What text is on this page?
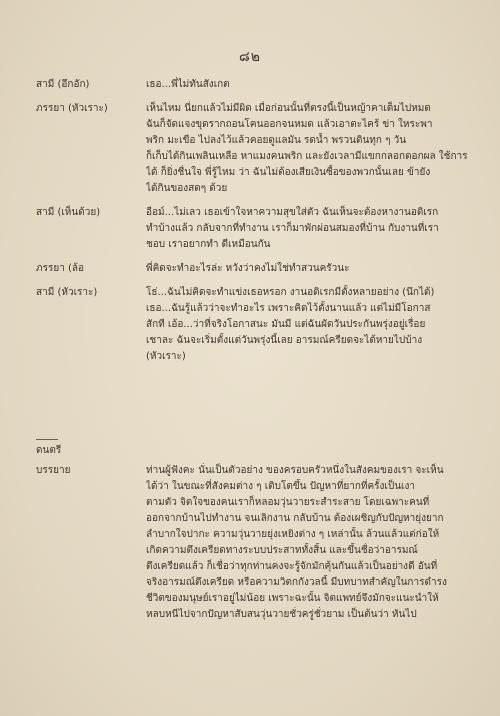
๘๒
สามี (อึกอัก)	เธอ...พี่ไม่ทันสังเกต
ภรรยา (หัวเราะ)	เห็นไหม นี่ยกแล้วไม่มีผิด เมื่อก่อนนั้นที่ตรงนี้เป็นหญ้าคาเต็มไปหมด
ฉันก็จัดแจงขุดรากถอนโคนออกจนหมด แล้วเอาตะไคร้ ข่า ใหระพา
พริก มะเขือ ไปลงไว้แล้วคอยดูแลมัน รดน้ำ พรวนดินทุก ๆ วัน
ก็เก็บได้กินเพลินเหลือ หาแมงคนพริก และยังเวลามีแขกกลอกดอกผล ใช้การ
ได้ ก็ยิ่งชื่นใจ พี่รู้ไหม ว่า ฉันไม่ต้องเสียเงินซื้อของพวกนั้นเลย ข้ายัง
ได้กินของสดๆ ด้วย
สามี (เห็นด้วย)	อือม์...ไม่เลว เธอเข้าใจหาความสุขใส่ตัว ฉันเห็นจะต้องหางานอดิเรก
ทำบ้างแล้ว กลับจากที่ทำงาน เราก็มาพักผ่อนสมองที่บ้าน กับงานที่เรา
ชอบ เราอยากทำ ดีเหมือนกัน
ภรรยา (ล้อ	พี่คิดจะทำอะไรล่ะ หวังว่าคงไม่ใช่ทำสวนครัวนะ
สามี (หัวเราะ)	โธ่...ฉันไม่คิดจะทำแข่งเธอหรอก งานอดิเรกมีตั้งหลายอย่าง (นึกได้)
เธอ...ฉันรู้แล้วว่าจะทำอะไร เพราะคิดไว้ตั้งนานแล้ว แต่ไม่มีโอกาส
สักที เอ้อ...ว่าที่จริงโอกาสนะ มันมี แต่ฉันผัดวันประกันพรุ่งอยู่เรื่อย
เชาละ ฉันจะเริ่มตั้งแต่วันพรุ่งนี้เลย อารมณ์ครียดจะได้หายไปบ้าง
(หัวเราะ)
ดนตรี
บรรยาย	ท่านผู้ฟังคะ นั่นเป็นตัวอย่าง ของครอบครัวหนึ่งในสังคมของเรา จะเห็น
ได้ว่า ในขณะที่สังคมต่าง ๆ เติบโตขึ้น ปัญหาที่ยากที่ครั้งเป็นเงา
ตามตัว จิตใจของคนเราก็หลอมวุ่นวายระสำระสาย โดยเฉพาะคนที่
ออกจากบ้านไปทำงาน จนเลิกงาน กลับบ้าน ต้องเผชิญกับปัญหายุ่งยาก
ลำบากใจปากะ ความวุ่นวายยุ่งเหยิงต่าง ๆ เหล่านั้น ล้วนแล้วแต่ก่อให้
เกิดความตึงเครียดทางระบบประสาททั้งสิ้น และขึ้นชื่อว่าอารมณ์
ตึงเครียดแล้ว ก็เชื่อว่าทุกท่านคงจะรู้จักมักคุ้นกันแล้วเป็นอย่างดี อันที่
จริงอารมณ์ตึงเครียด หรือความวิตกกังวลนี้ มีบทบาทสำคัญในการดำรง
ชีวิตของมนุษย์เราอยู่ไม่น้อย เพราะฉะนั้น จิตแพทย์จึงมักจะแนะนำให้
หลบหนีไปจากปัญหาสับสนวุ่นวายชั่วครู่ชั่วยาม เป็นต้นว่า หันไป
